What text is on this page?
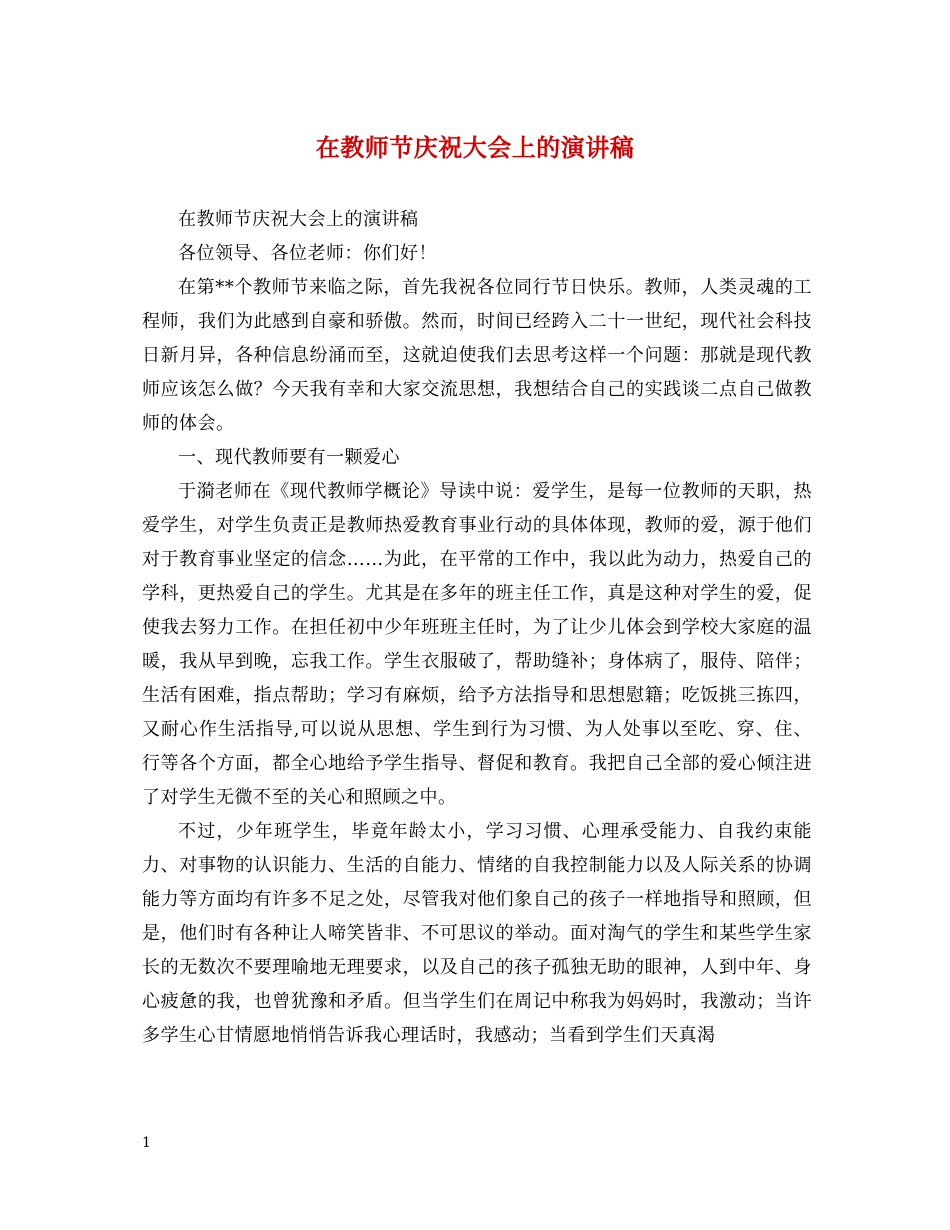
在教师节庆祝大会上的演讲稿

在教师节庆祝大会上的演讲稿

各位领导、各位老师：你们好！

在第**个教师节来临之际，首先我祝各位同行节日快乐。教师，人类灵魂的工程师，我们为此感到自豪和骄傲。然而，时间已经跨入二十一世纪，现代社会科技日新月异，各种信息纷涌而至，这就迫使我们去思考这样一个问题：那就是现代教师应该怎么做？今天我有幸和大家交流思想，我想结合自己的实践谈二点自己做教师的体会。

一、现代教师要有一颗爱心

于漪老师在《现代教师学概论》导读中说：爱学生，是每一位教师的天职，热爱学生，对学生负责正是教师热爱教育事业行动的具体体现，教师的爱，源于他们对于教育事业坚定的信念……为此，在平常的工作中，我以此为动力，热爱自己的学科，更热爱自己的学生。尤其是在多年的班主任工作，真是这种对学生的爱，促使我去努力工作。在担任初中少年班班主任时，为了让少儿体会到学校大家庭的温暖，我从早到晚，忘我工作。学生衣服破了，帮助缝补；身体病了，服侍、陪伴；生活有困难，指点帮助；学习有麻烦，给予方法指导和思想慰籍；吃饭挑三拣四，又耐心作生活指导,可以说从思想、学生到行为习惯、为人处事以至吃、穿、住、行等各个方面，都全心地给予学生指导、督促和教育。我把自己全部的爱心倾注进了对学生无微不至的关心和照顾之中。

不过，少年班学生，毕竟年龄太小，学习习惯、心理承受能力、自我约束能力、对事物的认识能力、生活的自能力、情绪的自我控制能力以及人际关系的协调能力等方面均有许多不足之处，尽管我对他们象自己的孩子一样地指导和照顾，但是，他们时有各种让人啼笑皆非、不可思议的举动。面对淘气的学生和某些学生家长的无数次不要理喻地无理要求，以及自己的孩子孤独无助的眼神，人到中年、身心疲惫的我，也曾犹豫和矛盾。但当学生们在周记中称我为妈妈时，我激动；当许多学生心甘情愿地悄悄告诉我心理话时，我感动；当看到学生们天真渴

1
